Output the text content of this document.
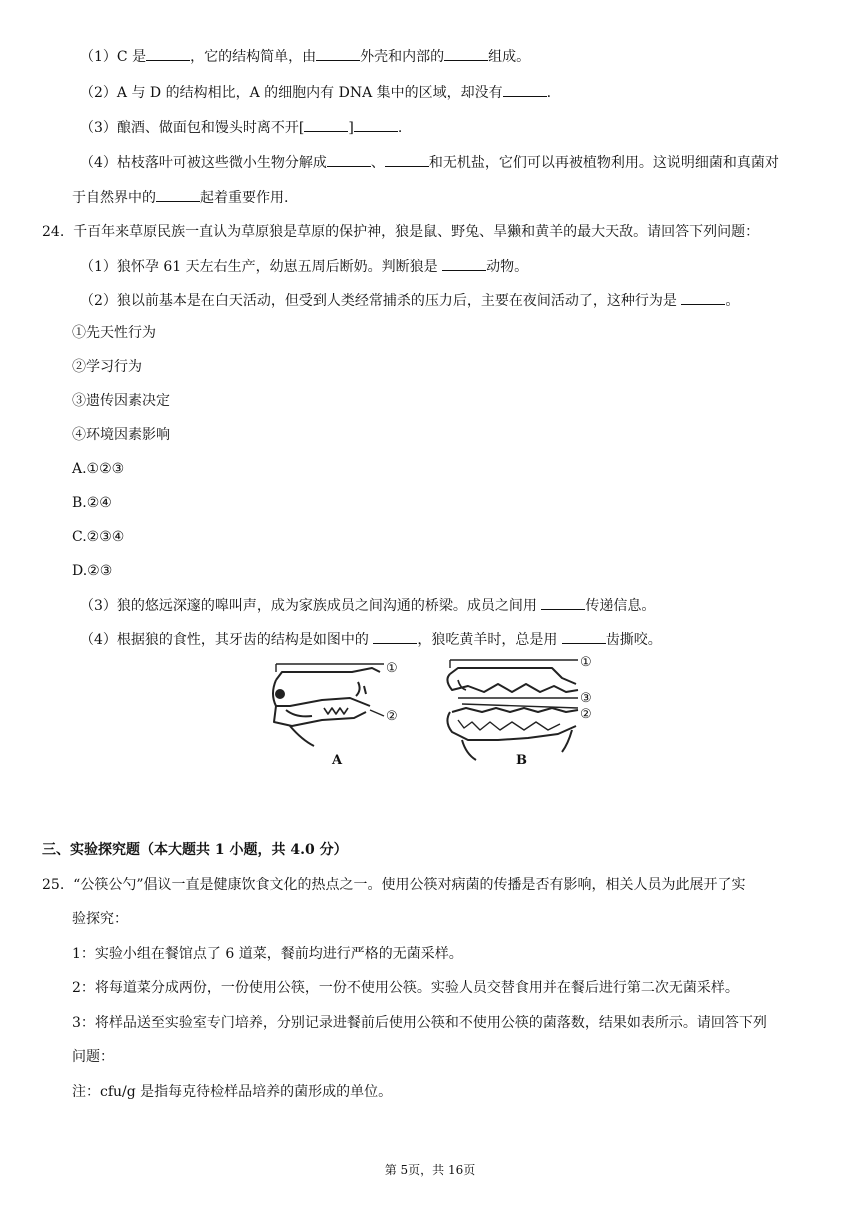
（1）C 是	，它的结构简单，由	外壳和内部的	组成。
（2）A 与 D 的结构相比，A 的细胞内有 DNA 集中的区域，却没有	.
（3）酿酒、做面包和馒头时离不开[	]	.
（4）枯枝落叶可被这些微小生物分解成	、	和无机盐，它们可以再被植物利用。这说明细菌和真菌对
于自然界中的	起着重要作用.
24. 千百年来草原民族一直认为草原狼是草原的保护神，狼是鼠、野兔、旱獭和黄羊的最大天敌。请回答下列问题：
（1）狼怀孕 61 天左右生产，幼崽五周后断奶。判断狼是	动物。
（2）狼以前基本是在白天活动，但受到人类经常捕杀的压力后，主要在夜间活动了，这种行为是	。
①先天性行为
②学习行为
③遗传因素决定
④环境因素影响
A.①②③
B.②④
C.②③④
D.②③
（3）狼的悠远深邃的嗥叫声，成为家族成员之间沟通的桥梁。成员之间用	传递信息。
（4）根据狼的食性，其牙齿的结构是如图中的	，狼吃黄羊时，总是用	齿撕咬。
①
②
A
①
③
②
B
三、实验探究题（本大题共 1 小题，共 4.0 分）
25. “公筷公勺”倡议一直是健康饮食文化的热点之一。使用公筷对病菌的传播是否有影响，相关人员为此展开了实
验探究：
1：实验小组在餐馆点了 6 道菜，餐前均进行严格的无菌采样。
2：将每道菜分成两份，一份使用公筷，一份不使用公筷。实验人员交替食用并在餐后进行第二次无菌采样。
3：将样品送至实验室专门培养，分别记录进餐前后使用公筷和不使用公筷的菌落数，结果如表所示。请回答下列
问题：
注：cfu/g 是指每克待检样品培养的菌形成的单位。
第 5页，共 16页
